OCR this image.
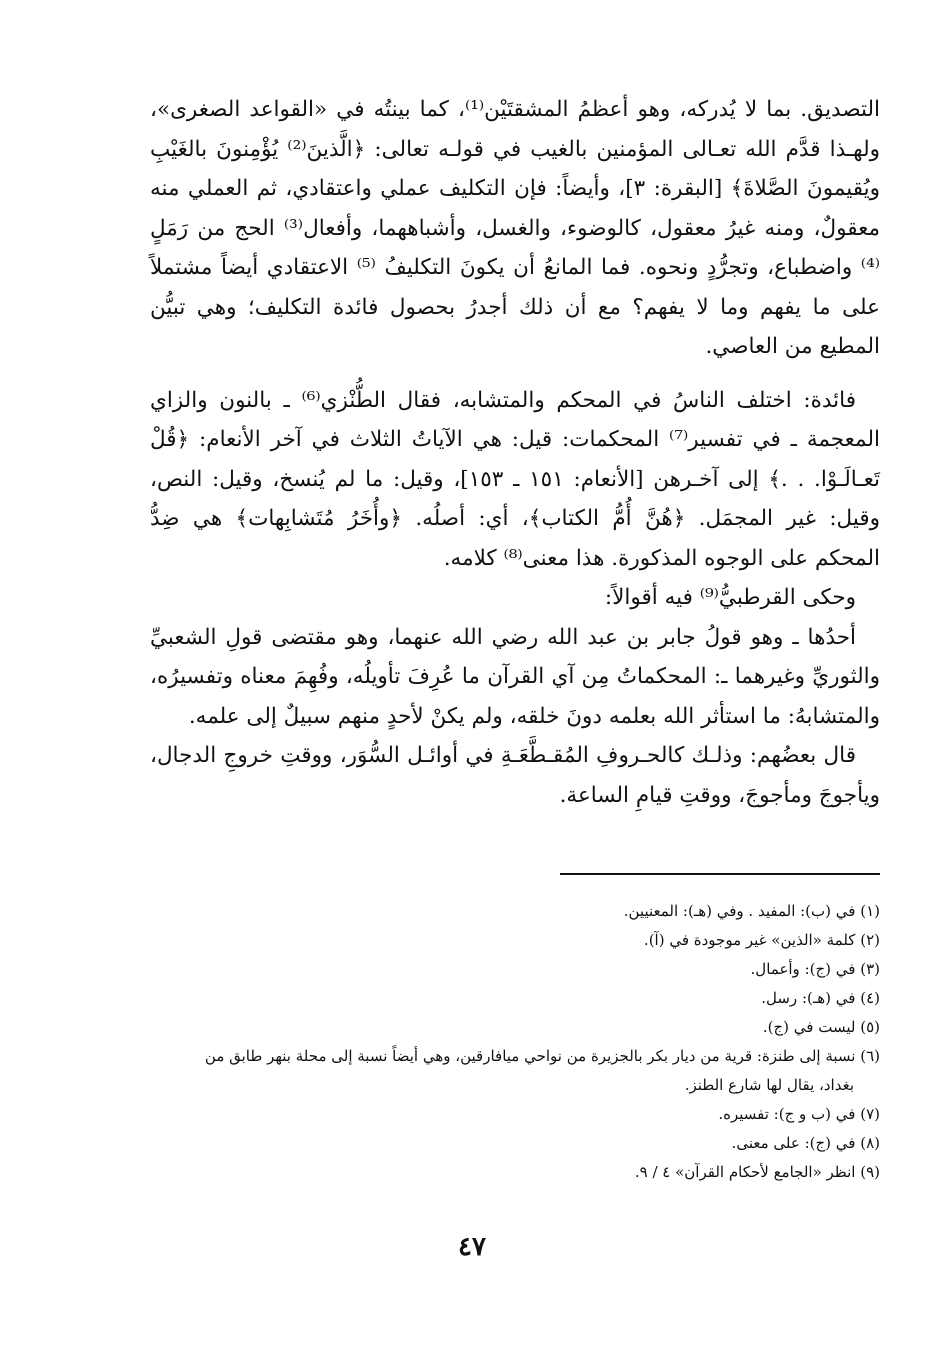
التصديق. بما لا يُدركه، وهو أعظمُ المشقتَيْن⁽¹⁾، كما بينتُه في «القواعد الصغرى»، ولهـذا قدَّم الله تعـالى المؤمنين بالغيب في قولـه تعالى: ﴿الَّذينَ⁽²⁾ يُؤْمِنونَ بالغَيْبِ ويُقيمونَ الصَّلاةَ﴾ [البقرة: ٣]، وأيضاً: فإن التكليف عملي واعتقادي، ثم العملي منه معقولٌ، ومنه غيرُ معقول، كالوضوء، والغسل، وأشباههما، وأفعال⁽³⁾ الحج من رَمَلٍ ⁽⁴⁾ واضطباع، وتجرُّدٍ ونحوه. فما المانعُ أن يكونَ التكليفُ ⁽⁵⁾ الاعتقادي أيضاً مشتملاً على ما يفهم وما لا يفهم؟ مع أن ذلك أجدرُ بحصول فائدة التكليف؛ وهي تبيُّن المطيع من العاصي.

فائدة: اختلف الناسُ في المحكم والمتشابه، فقال الطُّنْزي⁽⁶⁾ ـ بالنون والزاي المعجمة ـ في تفسير⁽⁷⁾ المحكمات: قيل: هي الآياتُ الثلاث في آخر الأنعام: ﴿قُلْ تَعـالَـوْا. . .﴾ إلى آخـرهن [الأنعام: ١٥١ ـ ١٥٣]، وقيل: ما لم يُنسخ، وقيل: النص، وقيل: غير المجمَل. ﴿هُنَّ أُمُّ الكتاب﴾، أي: أصلُه. ﴿وأُخَرُ مُتَشابِهات﴾ هي ضِدُّ المحكم على الوجوه المذكورة. هذا معنى⁽⁸⁾ كلامه.

وحكى القرطبيُّ⁽⁹⁾ فيه أقوالاً:

أحدُها ـ وهو قولُ جابر بن عبد الله رضي الله عنهما، وهو مقتضى قولِ الشعبيِّ والثوريِّ وغيرهما ـ: المحكماتُ مِن آي القرآن ما عُرِفَ تأويلُه، وفُهِمَ معناه وتفسيرُه، والمتشابهُ: ما استأثر الله بعلمه دونَ خلقه، ولم يكنْ لأحدٍ منهم سبيلٌ إلى علمه.

قال بعضُهم: وذلـك كالحـروفِ المُقـطَّعَـةِ في أوائـل السُّوَر، ووقتِ خروجِ الدجال، ويأجوجَ ومأجوجَ، ووقتِ قيامِ الساعة.

(١) في (ب): المفيد . وفي (هـ): المعنيين.

(٢) كلمة «الذين» غير موجودة في (آ).

(٣) في (ج): وأعمال.

(٤) في (هـ): رسل.

(٥) ليست في (ج).

(٦) نسبة إلى طنزة: قرية من ديار بكر بالجزيرة من نواحي ميافارقين، وهي أيضاً نسبة إلى محلة بنهر طابق من
بغداد، يقال لها شارع الطنز.

(٧) في (ب و ج): تفسيره.

(٨) في (ج): على معنى.

(٩) انظر «الجامع لأحكام القرآن» ٤ / ٩.

٤٧
